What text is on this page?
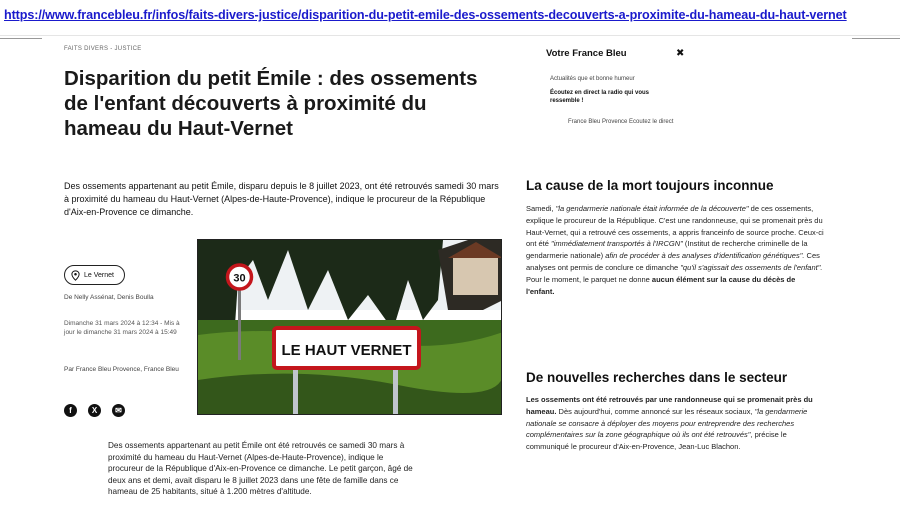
https://www.francebleu.fr/infos/faits-divers-justice/disparition-du-petit-emile-des-ossements-decouverts-a-proximite-du-hameau-du-haut-vernet
FAITS DIVERS - JUSTICE
Disparition du petit Émile : des ossements de l'enfant découverts à proximité du hameau du Haut-Vernet

Des ossements appartenant au petit Émile, disparu depuis le 8 juillet 2023, ont été retrouvés samedi 30 mars à proximité du hameau du Haut-Vernet (Alpes-de-Haute-Provence), indique le procureur de la République d'Aix-en-Provence ce dimanche.

Le Vernet
De Nelly Assénat, Denis Boulla
Dimanche 31 mars 2024 à 12:34 - Mis à jour le dimanche 31 mars 2024 à 15:49
Par France Bleu Provence, France Bleu
f	X	✉
30
LE HAUT VERNET

Des ossements appartenant au petit Émile ont été retrouvés ce samedi 30 mars à proximité du hameau du Haut-Vernet (Alpes-de-Haute-Provence), indique le procureur de la République d'Aix-en-Provence ce dimanche. Le petit garçon, âgé de deux ans et demi, avait disparu le 8 juillet 2023 dans une fête de famille dans ce hameau de 25 habitants, situé à 1.200 mètres d'altitude.

Votre France Bleu	✖
Actualités que et bonne humeur
Écoutez en direct la radio qui vous ressemble !
France Bleu Provence Ecoutez le direct
La cause de la mort toujours inconnue

Samedi, "la gendarmerie nationale était informée de la découverte" de ces ossements, explique le procureur de la République. C'est une randonneuse, qui se promenait près du Haut-Vernet, qui a retrouvé ces ossements, a appris franceinfo de source proche. Ceux-ci ont été "immédiatement transportés à l'IRCGN" (Institut de recherche criminelle de la gendarmerie nationale) afin de procéder à des analyses d'identification génétiques". Ces analyses ont permis de conclure ce dimanche "qu'il s'agissait des ossements de l'enfant". Pour le moment, le parquet ne donne aucun élément sur la cause du décès de l'enfant.

De nouvelles recherches dans le secteur

Les ossements ont été retrouvés par une randonneuse qui se promenait près du hameau. Dès aujourd'hui, comme annoncé sur les réseaux sociaux, "la gendarmerie nationale se consacre à déployer des moyens pour entreprendre des recherches complémentaires sur la zone géographique où ils ont été retrouvés", précise le communiqué le procureur d'Aix-en-Provence, Jean-Luc Blachon.
